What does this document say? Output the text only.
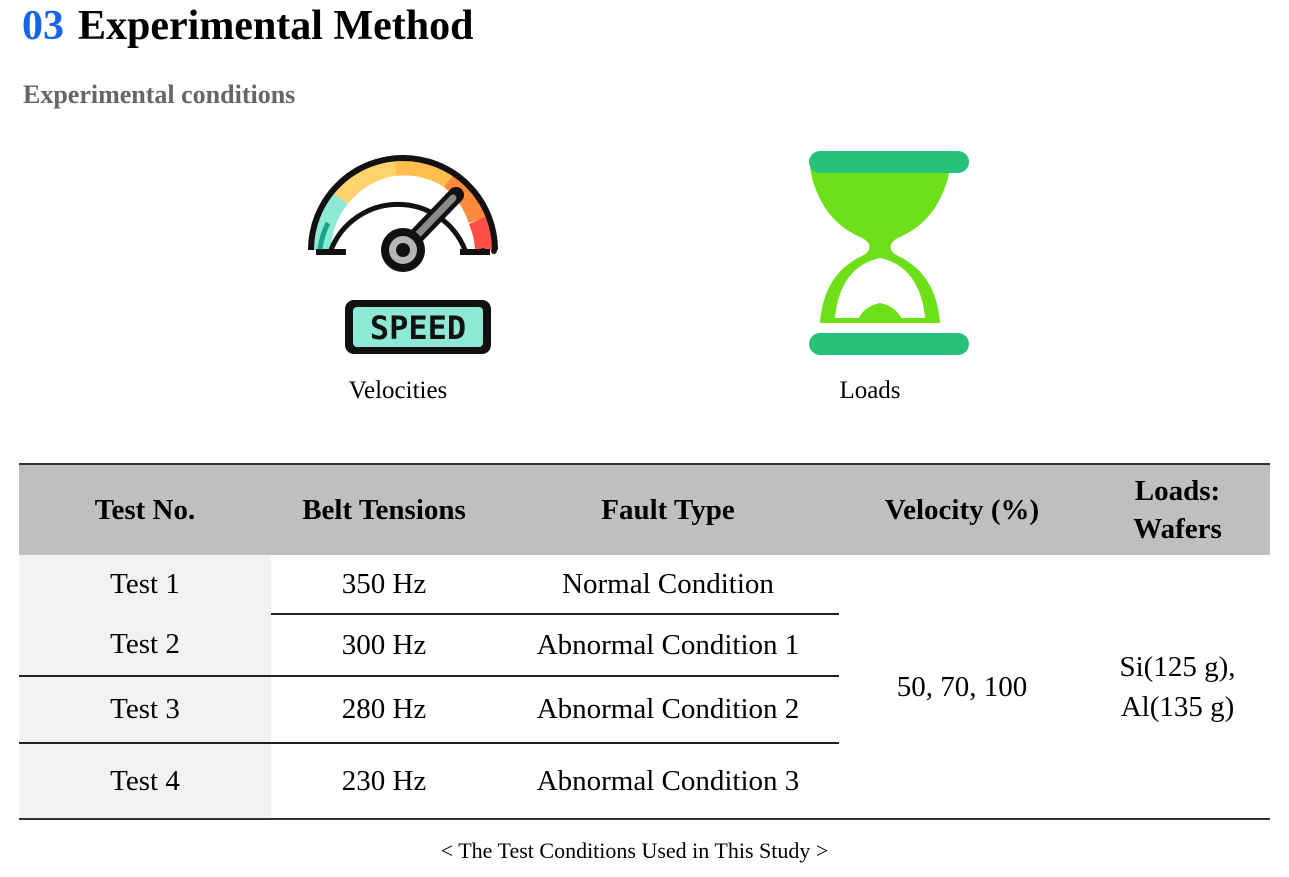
03 Experimental Method
Experimental conditions
SPEED
Velocities	Loads
Test No.	Belt Tensions	Fault Type	Velocity (%)	Loads: Wafers
Test 1	350 Hz	Normal Condition	50, 70, 100	Si(125 g),
Al(135 g)

Test 2	300 Hz	Abnormal Condition 1		
Test 3	280 Hz	Abnormal Condition 2		
Test 4	230 Hz	Abnormal Condition 3		
< The Test Conditions Used in This Study >
